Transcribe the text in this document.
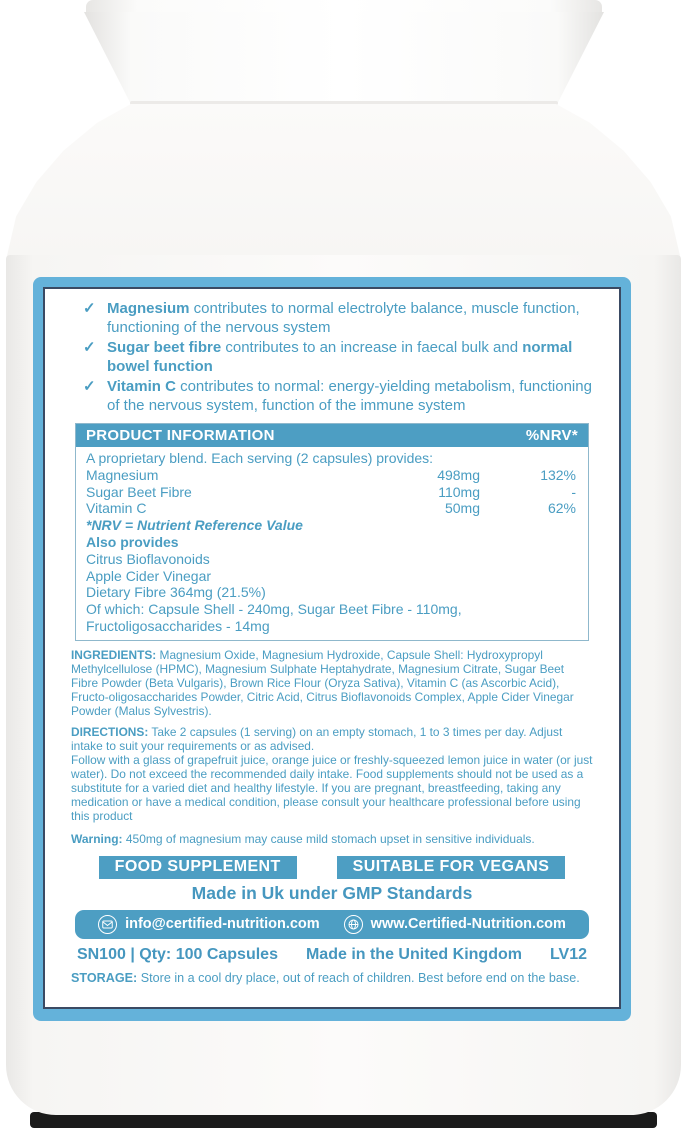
✓ Magnesium contributes to normal electrolyte balance, muscle function, functioning of the nervous system
✓ Sugar beet fibre contributes to an increase in faecal bulk and normal bowel function
✓ Vitamin C contributes to normal: energy-yielding metabolism, functioning of the nervous system, function of the immune system
PRODUCT INFORMATION	%NRV*
A proprietary blend. Each serving (2 capsules) provides:
Magnesium	498mg	132%
Sugar Beet Fibre	110mg	-
Vitamin C	50mg	62%
*NRV = Nutrient Reference Value
Also provides
Citrus Bioflavonoids
Apple Cider Vinegar
Dietary Fibre 364mg (21.5%)
Of which: Capsule Shell - 240mg, Sugar Beet Fibre - 110mg, Fructoligosaccharides - 14mg

INGREDIENTS: Magnesium Oxide, Magnesium Hydroxide, Capsule Shell: Hydroxypropyl Methylcellulose (HPMC), Magnesium Sulphate Heptahydrate, Magnesium Citrate, Sugar Beet Fibre Powder (Beta Vulgaris), Brown Rice Flour (Oryza Sativa), Vitamin C (as Ascorbic Acid), Fructo-oligosaccharides Powder, Citric Acid, Citrus Bioflavonoids Complex, Apple Cider Vinegar Powder (Malus Sylvestris).

DIRECTIONS: Take 2 capsules (1 serving) on an empty stomach, 1 to 3 times per day. Adjust intake to suit your requirements or as advised.

Follow with a glass of grapefruit juice, orange juice or freshly-squeezed lemon juice in water (or just water). Do not exceed the recommended daily intake. Food supplements should not be used as a substitute for a varied diet and healthy lifestyle. If you are pregnant, breastfeeding, taking any medication or have a medical condition, please consult your healthcare professional before using this product

Warning: 450mg of magnesium may cause mild stomach upset in sensitive individuals.

FOOD SUPPLEMENT	SUITABLE FOR VEGANS
Made in Uk under GMP Standards
info@certified-nutrition.com	www.Certified-Nutrition.com
SN100 | Qty: 100 Capsules Made in the United Kingdom LV12

STORAGE: Store in a cool dry place, out of reach of children. Best before end on the base.
